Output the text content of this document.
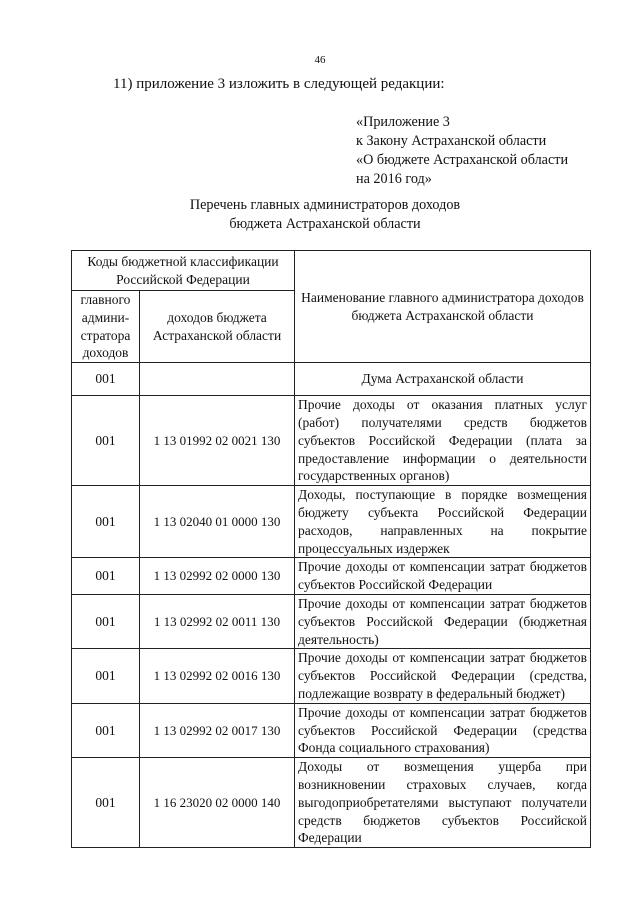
46
11) приложение 3 изложить в следующей редакции:
«Приложение 3
к Закону Астраханской области
«О бюджете Астраханской области
на 2016 год»
Перечень главных администраторов доходов
бюджета Астраханской области
Коды бюджетной классификации Российской Федерации		Наименование главного администратора доходов бюджета Астраханской области
главного админи-стратора доходов	доходов бюджета Астраханской области	
001		Дума Астраханской области
001	1 13 01992 02 0021 130	Прочие доходы от оказания платных услуг (работ) получателями средств бюджетов субъектов Российской Федерации (плата за предоставление информации о деятельности государственных органов)
001	1 13 02040 01 0000 130	Доходы, поступающие в порядке возмещения бюджету субъекта Российской Федерации расходов, направленных на покрытие процессуальных издержек
001	1 13 02992 02 0000 130	Прочие доходы от компенсации затрат бюджетов субъектов Российской Федерации
001	1 13 02992 02 0011 130	Прочие доходы от компенсации затрат бюджетов субъектов Российской Федерации (бюджетная деятельность)
001	1 13 02992 02 0016 130	Прочие доходы от компенсации затрат бюджетов субъектов Российской Федерации (средства, подлежащие возврату в федеральный бюджет)
001	1 13 02992 02 0017 130	Прочие доходы от компенсации затрат бюджетов субъектов Российской Федерации (средства Фонда социального страхования)
001	1 16 23020 02 0000 140	Доходы от возмещения ущерба при возникновении страховых случаев, когда выгодоприобретателями выступают получатели средств бюджетов субъектов Российской Федерации
